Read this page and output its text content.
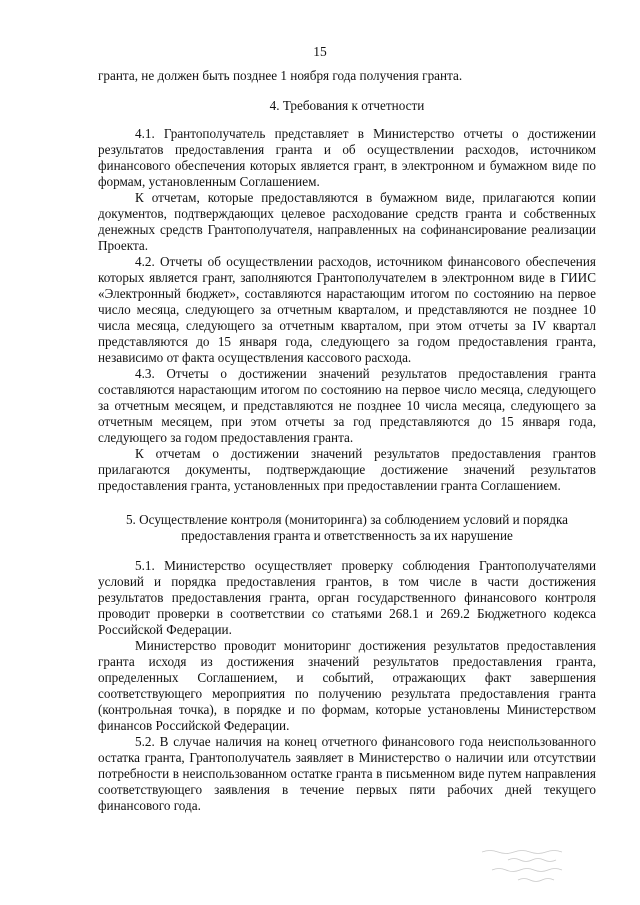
15

гранта, не должен быть позднее 1 ноября года получения гранта.

4. Требования к отчетности

4.1. Грантополучатель представляет в Министерство отчеты о достижении результатов предоставления гранта и об осуществлении расходов, источником финансового обеспечения которых является грант, в электронном и бумажном виде по формам, установленным Соглашением.

К отчетам, которые предоставляются в бумажном виде, прилагаются копии документов, подтверждающих целевое расходование средств гранта и собственных денежных средств Грантополучателя, направленных на софинансирование реализации Проекта.

4.2. Отчеты об осуществлении расходов, источником финансового обеспечения которых является грант, заполняются Грантополучателем в электронном виде в ГИИС «Электронный бюджет», составляются нарастающим итогом по состоянию на первое число месяца, следующего за отчетным кварталом, и представляются не позднее 10 числа месяца, следующего за отчетным кварталом, при этом отчеты за IV квартал представляются до 15 января года, следующего за годом предоставления гранта, независимо от факта осуществления кассового расхода.

4.3. Отчеты о достижении значений результатов предоставления гранта составляются нарастающим итогом по состоянию на первое число месяца, следующего за отчетным месяцем, и представляются не позднее 10 числа месяца, следующего за отчетным месяцем, при этом отчеты за год представляются до 15 января года, следующего за годом предоставления гранта.

К отчетам о достижении значений результатов предоставления грантов прилагаются документы, подтверждающие достижение значений результатов предоставления гранта, установленных при предоставлении гранта Соглашением.

5. Осуществление контроля (мониторинга) за соблюдением условий и порядка
предоставления гранта и ответственность за их нарушение

5.1. Министерство осуществляет проверку соблюдения Грантополучателями условий и порядка предоставления грантов, в том числе в части достижения результатов предоставления гранта, орган государственного финансового контроля проводит проверки в соответствии со статьями 268.1 и 269.2 Бюджетного кодекса Российской Федерации.

Министерство проводит мониторинг достижения результатов предоставления гранта исходя из достижения значений результатов предоставления гранта, определенных Соглашением, и событий, отражающих факт завершения соответствующего мероприятия по получению результата предоставления гранта (контрольная точка), в порядке и по формам, которые установлены Министерством финансов Российской Федерации.

5.2. В случае наличия на конец отчетного финансового года неиспользованного остатка гранта, Грантополучатель заявляет в Министерство о наличии или отсутствии потребности в неиспользованном остатке гранта в письменном виде путем направления соответствующего заявления в течение первых пяти рабочих дней текущего финансового года.
